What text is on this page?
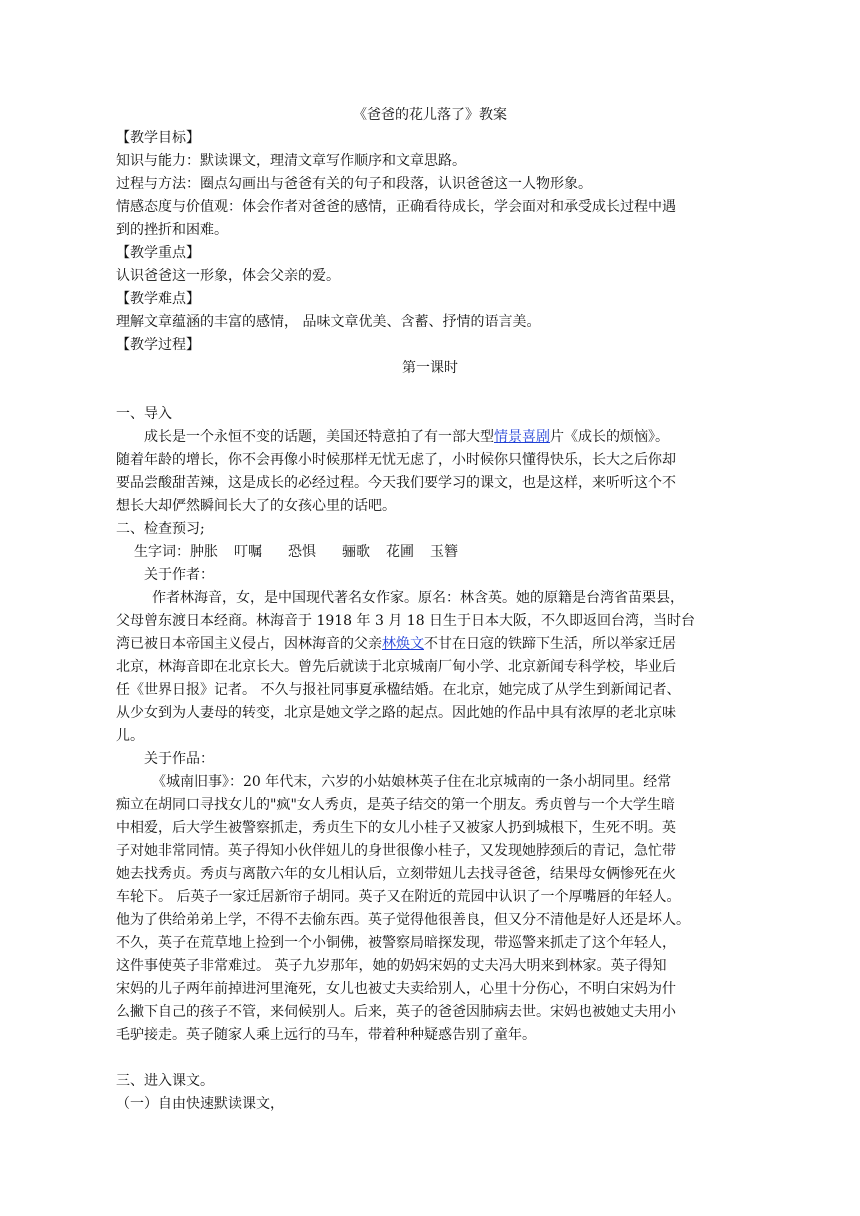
《爸爸的花儿落了》教案
【教学目标】
知识与能力：默读课文，理清文章写作顺序和文章思路。
过程与方法：圈点勾画出与爸爸有关的句子和段落，认识爸爸这一人物形象。
情感态度与价值观：体会作者对爸爸的感情，正确看待成长，学会面对和承受成长过程中遇
到的挫折和困难。
【教学重点】
认识爸爸这一形象，体会父亲的爱。
【教学难点】
理解文章蕴涵的丰富的感情， 品味文章优美、含蓄、抒情的语言美。
【教学过程】
第一课时
一、导入
成长是一个永恒不变的话题，美国还特意拍了有一部大型情景喜剧片《成长的烦恼》。
随着年龄的增长，你不会再像小时候那样无忧无虑了，小时候你只懂得快乐，长大之后你却
要品尝酸甜苦辣，这是成长的必经过程。今天我们要学习的课文，也是这样，来听听这个不
想长大却俨然瞬间长大了的女孩心里的话吧。
二、检查预习;
生字词：肿胀 叮嘱 恐惧 骊歌 花圃 玉簪
关于作者：
作者林海音，女，是中国现代著名女作家。原名：林含英。她的原籍是台湾省苗栗县，
父母曾东渡日本经商。林海音于 1918 年 3 月 18 日生于日本大阪，不久即返回台湾，当时台
湾已被日本帝国主义侵占，因林海音的父亲林焕文不甘在日寇的铁蹄下生活，所以举家迁居
北京，林海音即在北京长大。曾先后就读于北京城南厂甸小学、北京新闻专科学校，毕业后
任《世界日报》记者。 不久与报社同事夏承楹结婚。在北京，她完成了从学生到新闻记者、
从少女到为人妻母的转变，北京是她文学之路的起点。因此她的作品中具有浓厚的老北京味
儿。
关于作品：
《城南旧事》：20 年代末，六岁的小姑娘林英子住在北京城南的一条小胡同里。经常
痴立在胡同口寻找女儿的"疯"女人秀贞，是英子结交的第一个朋友。秀贞曾与一个大学生暗
中相爱，后大学生被警察抓走，秀贞生下的女儿小桂子又被家人扔到城根下，生死不明。英
子对她非常同情。英子得知小伙伴妞儿的身世很像小桂子，又发现她脖颈后的青记，急忙带
她去找秀贞。秀贞与离散六年的女儿相认后，立刻带妞儿去找寻爸爸，结果母女俩惨死在火
车轮下。 后英子一家迁居新帘子胡同。英子又在附近的荒园中认识了一个厚嘴唇的年轻人。
他为了供给弟弟上学，不得不去偷东西。英子觉得他很善良，但又分不清他是好人还是坏人。
不久，英子在荒草地上捡到一个小铜佛，被警察局暗探发现，带巡警来抓走了这个年轻人，
这件事使英子非常难过。 英子九岁那年，她的奶妈宋妈的丈夫冯大明来到林家。英子得知
宋妈的儿子两年前掉进河里淹死，女儿也被丈夫卖给别人，心里十分伤心，不明白宋妈为什
么撇下自己的孩子不管，来伺候别人。后来，英子的爸爸因肺病去世。宋妈也被她丈夫用小
毛驴接走。英子随家人乘上远行的马车，带着种种疑惑告别了童年。
三、进入课文。
（一）自由快速默读课文，
